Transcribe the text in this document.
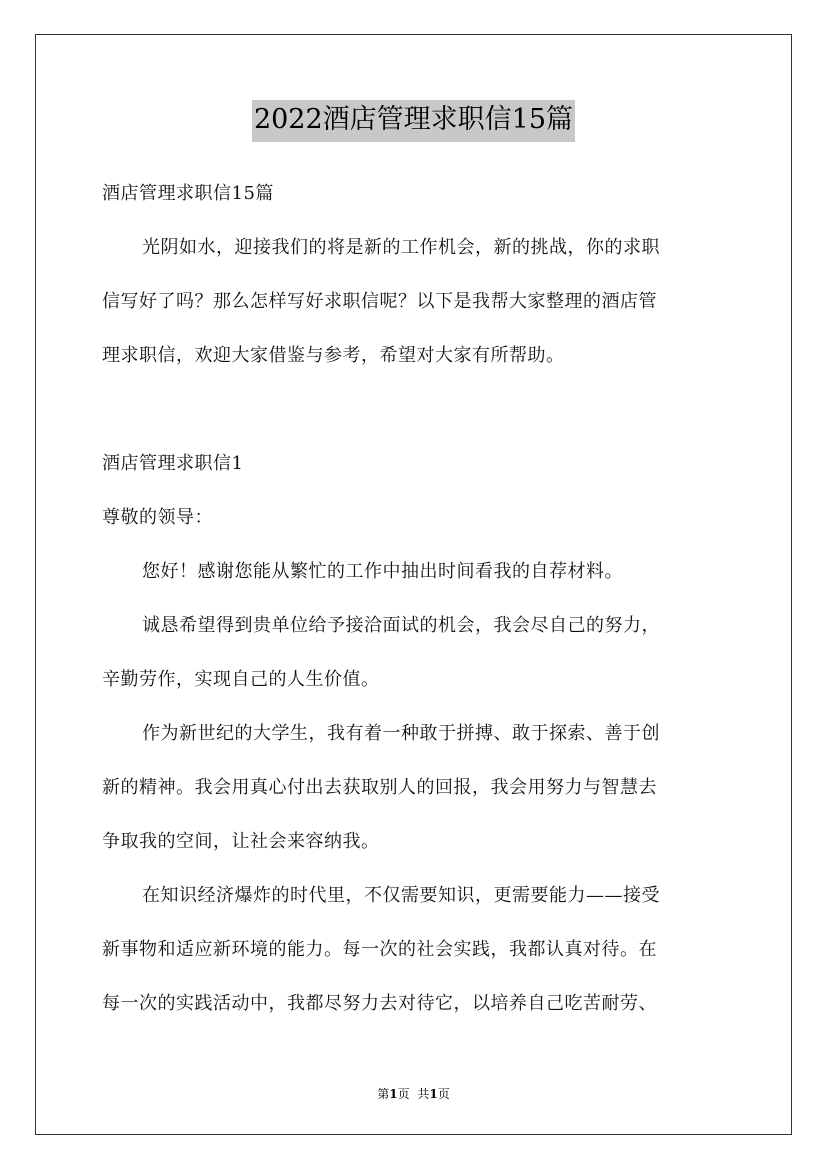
2022酒店管理求职信15篇
酒店管理求职信15篇
光阴如水，迎接我们的将是新的工作机会，新的挑战，你的求职
信写好了吗？那么怎样写好求职信呢？以下是我帮大家整理的酒店管
理求职信，欢迎大家借鉴与参考，希望对大家有所帮助。
酒店管理求职信1
尊敬的领导：
您好！感谢您能从繁忙的工作中抽出时间看我的自荐材料。
诚恳希望得到贵单位给予接洽面试的机会，我会尽自己的努力，
辛勤劳作，实现自己的人生价值。
作为新世纪的大学生，我有着一种敢于拼搏、敢于探索、善于创
新的精神。我会用真心付出去获取别人的回报，我会用努力与智慧去
争取我的空间，让社会来容纳我。
在知识经济爆炸的时代里，不仅需要知识，更需要能力——接受
新事物和适应新环境的能力。每一次的社会实践，我都认真对待。在
每一次的实践活动中，我都尽努力去对待它，以培养自己吃苦耐劳、
第1页 共1页
